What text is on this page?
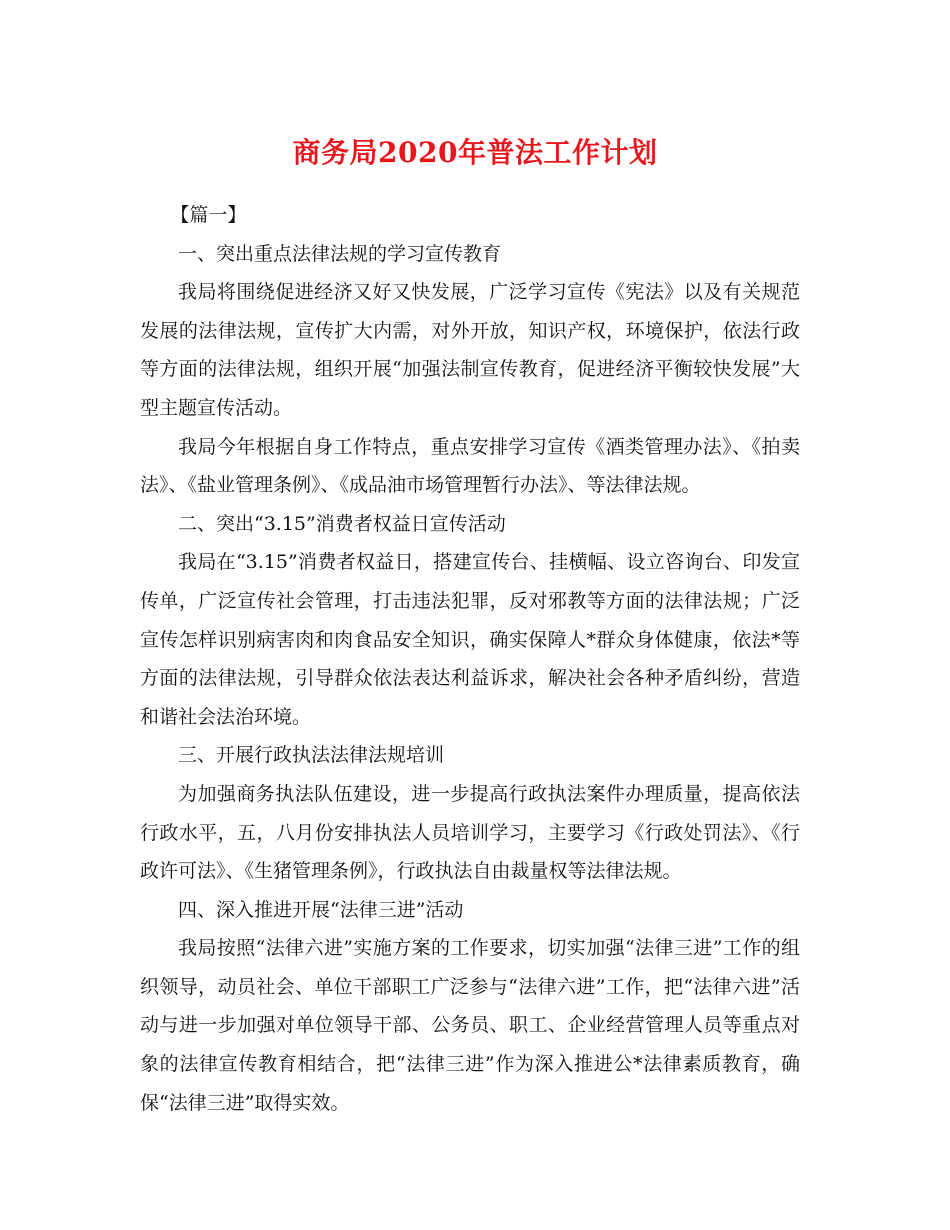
商务局2020年普法工作计划

【篇一】

一、突出重点法律法规的学习宣传教育

我局将围绕促进经济又好又快发展，广泛学习宣传《宪法》以及有关规范发展的法律法规，宣传扩大内需，对外开放，知识产权，环境保护，依法行政等方面的法律法规，组织开展“加强法制宣传教育，促进经济平衡较快发展”大型主题宣传活动。

我局今年根据自身工作特点，重点安排学习宣传《酒类管理办法》、《拍卖法》、《盐业管理条例》、《成品油市场管理暂行办法》、等法律法规。

二、突出“3.15”消费者权益日宣传活动

我局在“3.15”消费者权益日，搭建宣传台、挂横幅、设立咨询台、印发宣传单，广泛宣传社会管理，打击违法犯罪，反对邪教等方面的法律法规；广泛宣传怎样识别病害肉和肉食品安全知识，确实保障人*群众身体健康，依法*等方面的法律法规，引导群众依法表达利益诉求，解决社会各种矛盾纠纷，营造和谐社会法治环境。

三、开展行政执法法律法规培训

为加强商务执法队伍建设，进一步提高行政执法案件办理质量，提高依法行政水平，五，八月份安排执法人员培训学习，主要学习《行政处罚法》、《行政许可法》、《生猪管理条例》，行政执法自由裁量权等法律法规。

四、深入推进开展“法律三进”活动

我局按照“法律六进”实施方案的工作要求，切实加强“法律三进”工作的组织领导，动员社会、单位干部职工广泛参与“法律六进”工作，把“法律六进”活动与进一步加强对单位领导干部、公务员、职工、企业经营管理人员等重点对象的法律宣传教育相结合，把“法律三进”作为深入推进公*法律素质教育，确保“法律三进”取得实效。
